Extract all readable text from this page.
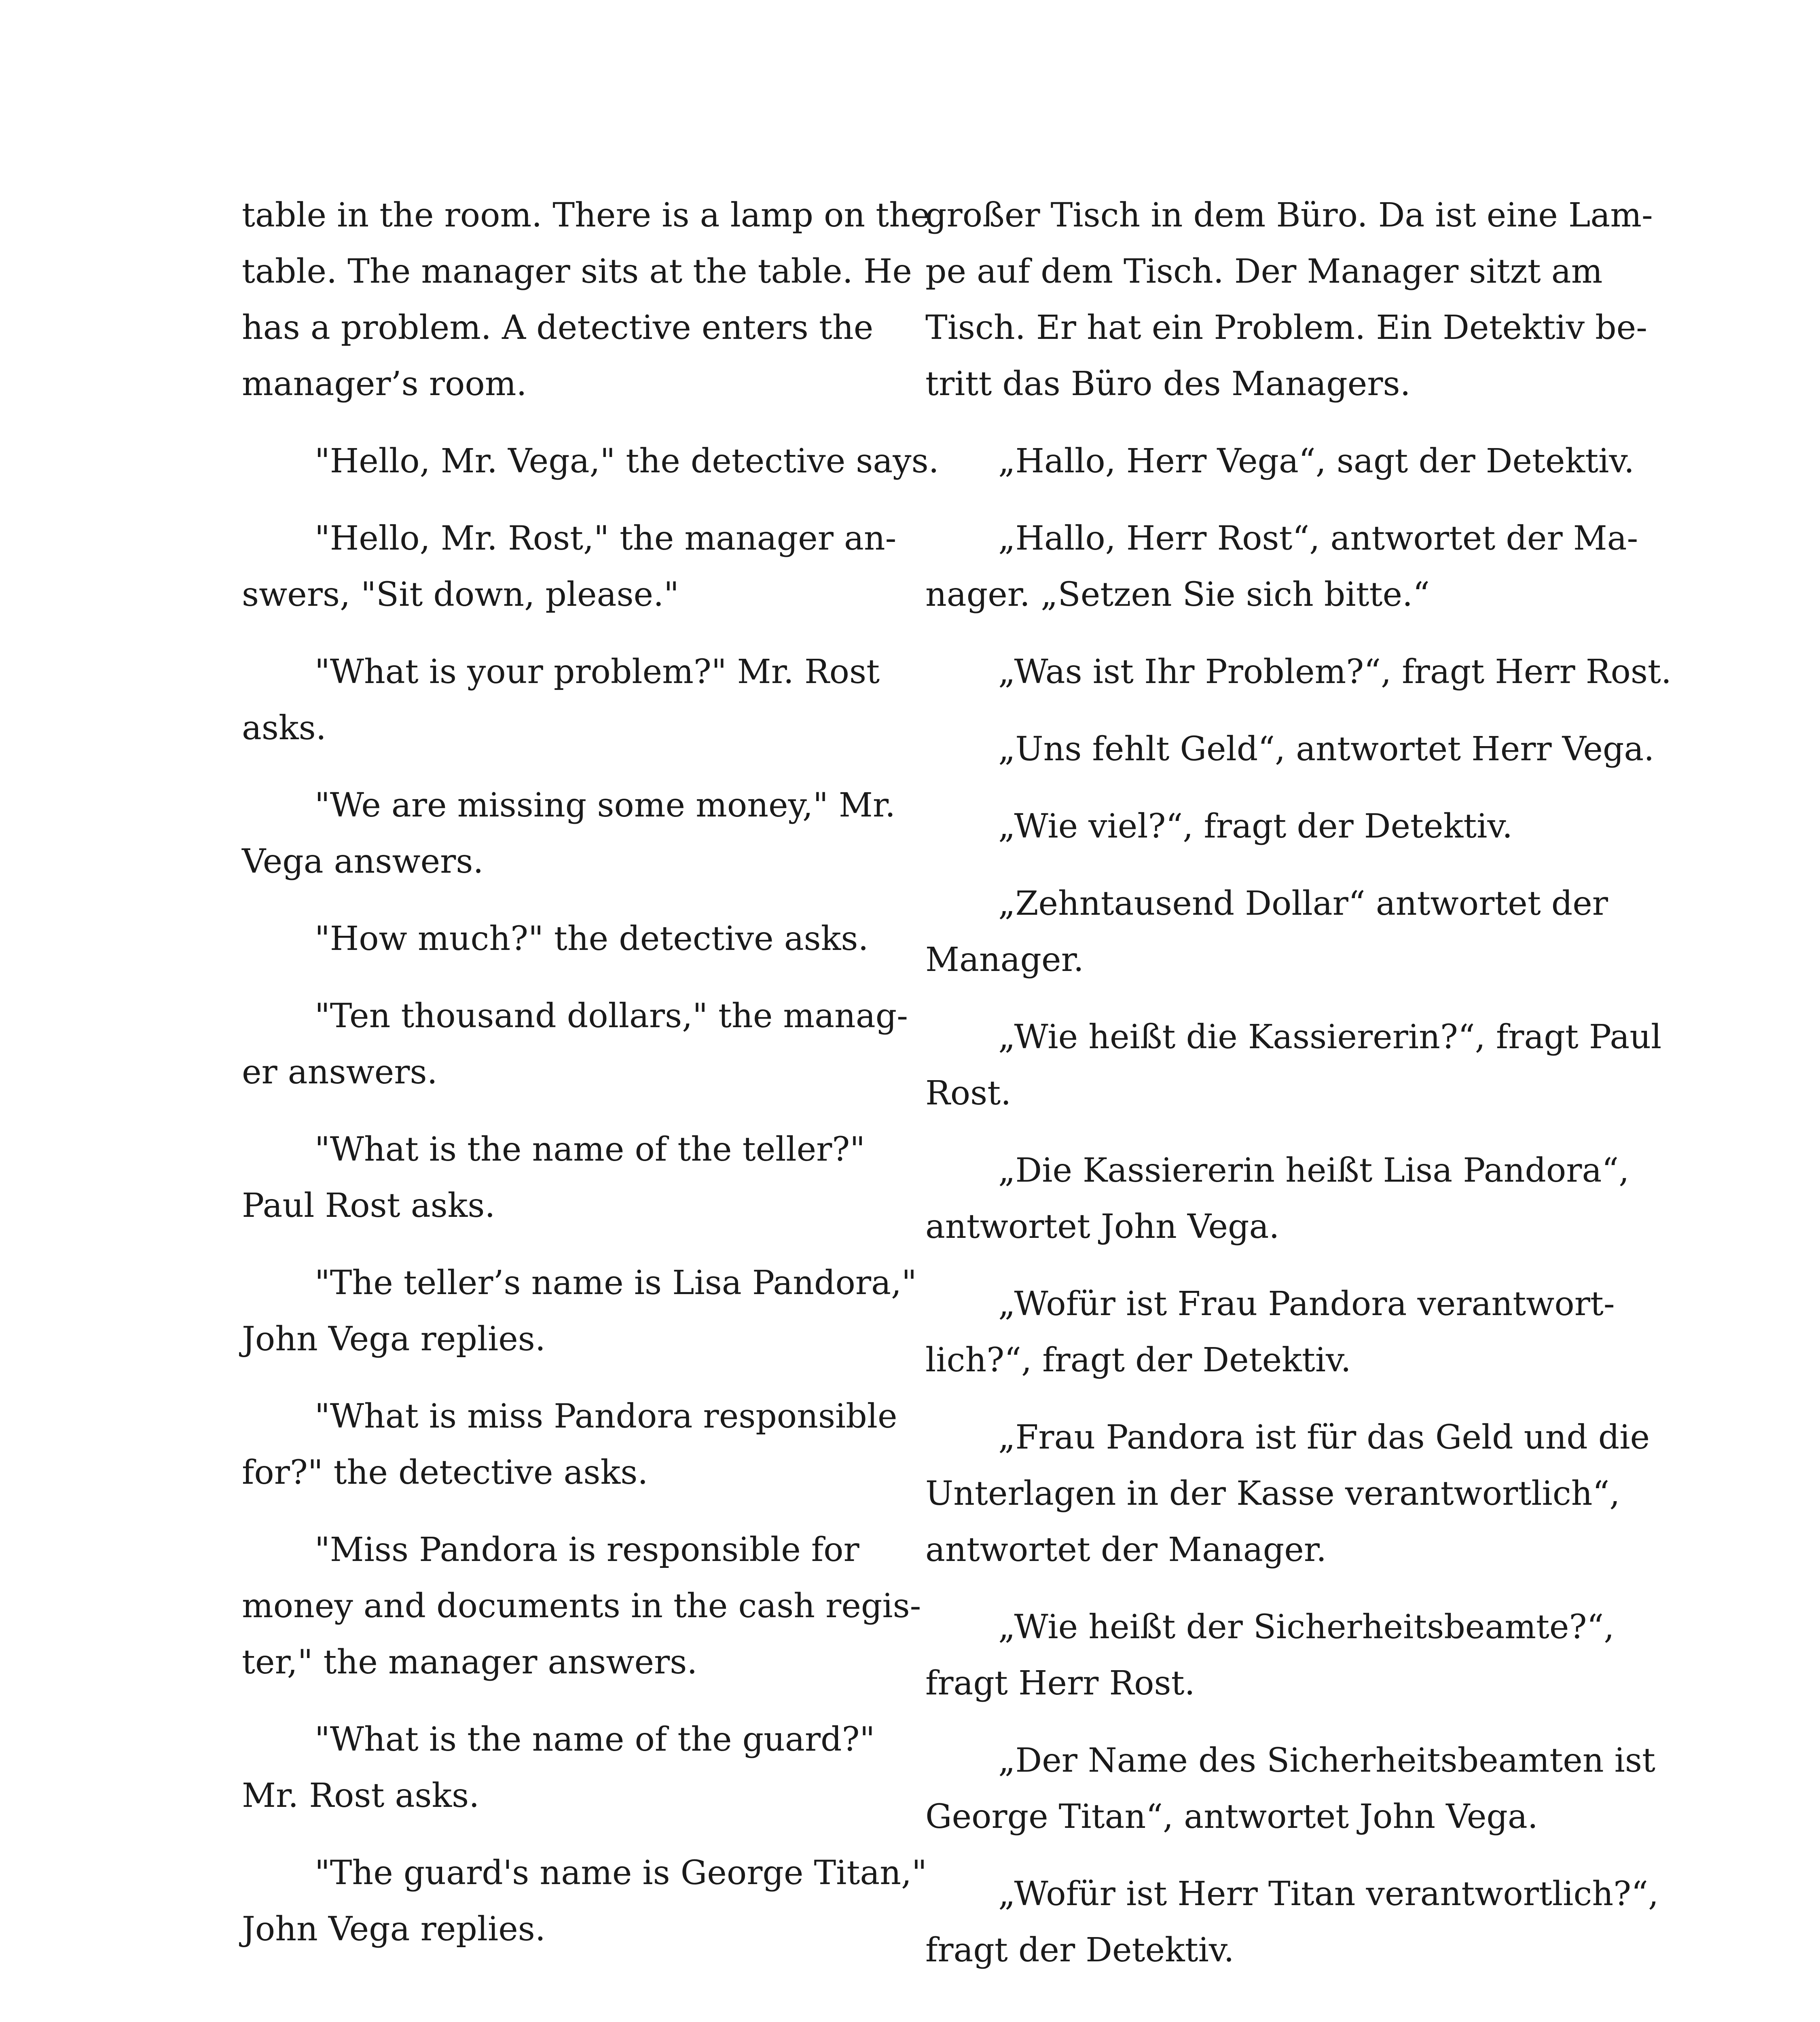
table in the room. There is a lamp on the
table. The manager sits at the table. He
has a problem. A detective enters the
manager’s room.
"Hello, Mr. Vega," the detective says.
"Hello, Mr. Rost," the manager an-
swers, "Sit down, please."
"What is your problem?" Mr. Rost
asks.
"We are missing some money," Mr.
Vega answers.
"How much?" the detective asks.
"Ten thousand dollars," the manag-
er answers.
"What is the name of the teller?"
Paul Rost asks.
"The teller’s name is Lisa Pandora,"
John Vega replies.
"What is miss Pandora responsible
for?" the detective asks.
"Miss Pandora is responsible for
money and documents in the cash regis-
ter," the manager answers.
"What is the name of the guard?"
Mr. Rost asks.
"The guard's name is George Titan,"
John Vega replies.
großer Tisch in dem Büro. Da ist eine Lam-
pe auf dem Tisch. Der Manager sitzt am
Tisch. Er hat ein Problem. Ein Detektiv be-
tritt das Büro des Managers.
„Hallo, Herr Vega“, sagt der Detektiv.
„Hallo, Herr Rost“, antwortet der Ma-
nager. „Setzen Sie sich bitte.“
„Was ist Ihr Problem?“, fragt Herr Rost.
„Uns fehlt Geld“, antwortet Herr Vega.
„Wie viel?“, fragt der Detektiv.
„Zehntausend Dollar“ antwortet der
Manager.
„Wie heißt die Kassiererin?“, fragt Paul
Rost.
„Die Kassiererin heißt Lisa Pandora“,
antwortet John Vega.
„Wofür ist Frau Pandora verantwort-
lich?“, fragt der Detektiv.
„Frau Pandora ist für das Geld und die
Unterlagen in der Kasse verantwortlich“,
antwortet der Manager.
„Wie heißt der Sicherheitsbeamte?“,
fragt Herr Rost.
„Der Name des Sicherheitsbeamten ist
George Titan“, antwortet John Vega.
„Wofür ist Herr Titan verantwortlich?“,
fragt der Detektiv.
